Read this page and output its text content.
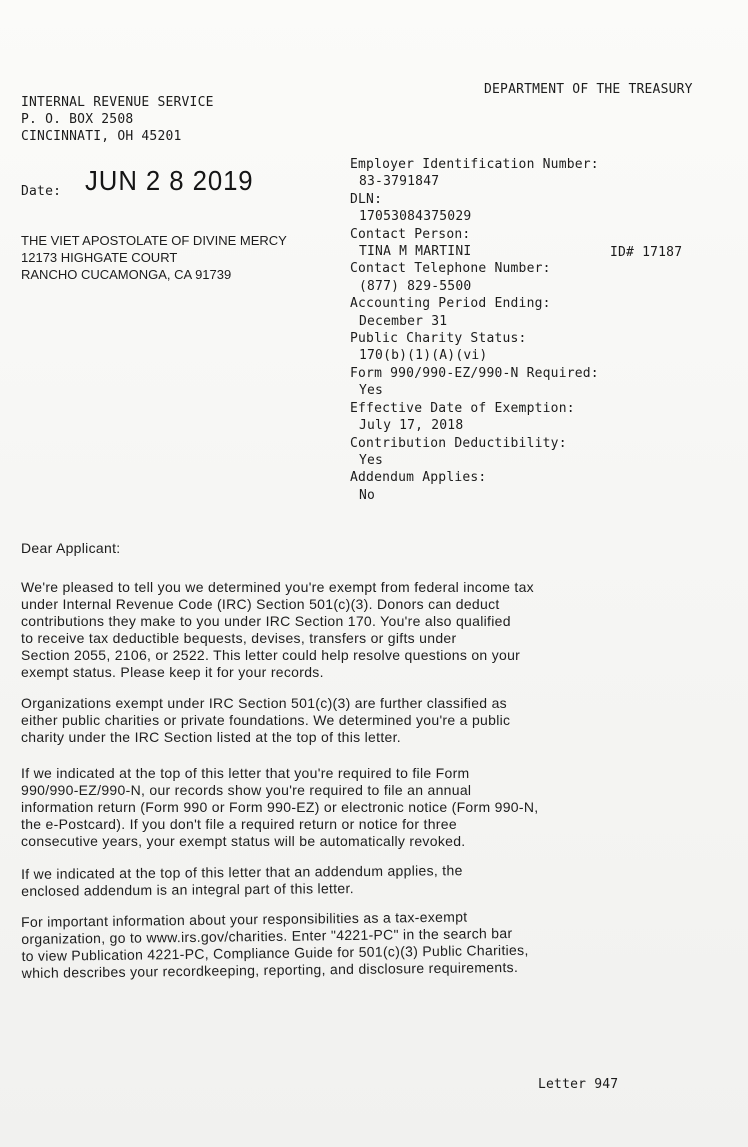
DEPARTMENT OF THE TREASURY
INTERNAL REVENUE SERVICE
P. O. BOX 2508
CINCINNATI, OH 45201
Date: JUN 2 8 2019
THE VIET APOSTOLATE OF DIVINE MERCY
12173 HIGHGATE COURT
RANCHO CUCAMONGA, CA 91739
Employer Identification Number:
83-3791847
DLN:
17053084375029
Contact Person:
TINA M MARTINI
Contact Telephone Number:
(877) 829-5500
Accounting Period Ending:
December 31
Public Charity Status:
170(b)(1)(A)(vi)
Form 990/990-EZ/990-N Required:
Yes
Effective Date of Exemption:
July 17, 2018
Contribution Deductibility:
Yes
Addendum Applies:
No
ID# 17187
Dear Applicant:
We're pleased to tell you we determined you're exempt from federal income tax
under Internal Revenue Code (IRC) Section 501(c)(3). Donors can deduct
contributions they make to you under IRC Section 170. You're also qualified
to receive tax deductible bequests, devises, transfers or gifts under
Section 2055, 2106, or 2522. This letter could help resolve questions on your
exempt status. Please keep it for your records.
Organizations exempt under IRC Section 501(c)(3) are further classified as
either public charities or private foundations. We determined you're a public
charity under the IRC Section listed at the top of this letter.
If we indicated at the top of this letter that you're required to file Form
990/990-EZ/990-N, our records show you're required to file an annual
information return (Form 990 or Form 990-EZ) or electronic notice (Form 990-N,
the e-Postcard). If you don't file a required return or notice for three
consecutive years, your exempt status will be automatically revoked.
If we indicated at the top of this letter that an addendum applies, the
enclosed addendum is an integral part of this letter.
For important information about your responsibilities as a tax-exempt
organization, go to www.irs.gov/charities. Enter "4221-PC" in the search bar
to view Publication 4221-PC, Compliance Guide for 501(c)(3) Public Charities,
which describes your recordkeeping, reporting, and disclosure requirements.
Letter 947
